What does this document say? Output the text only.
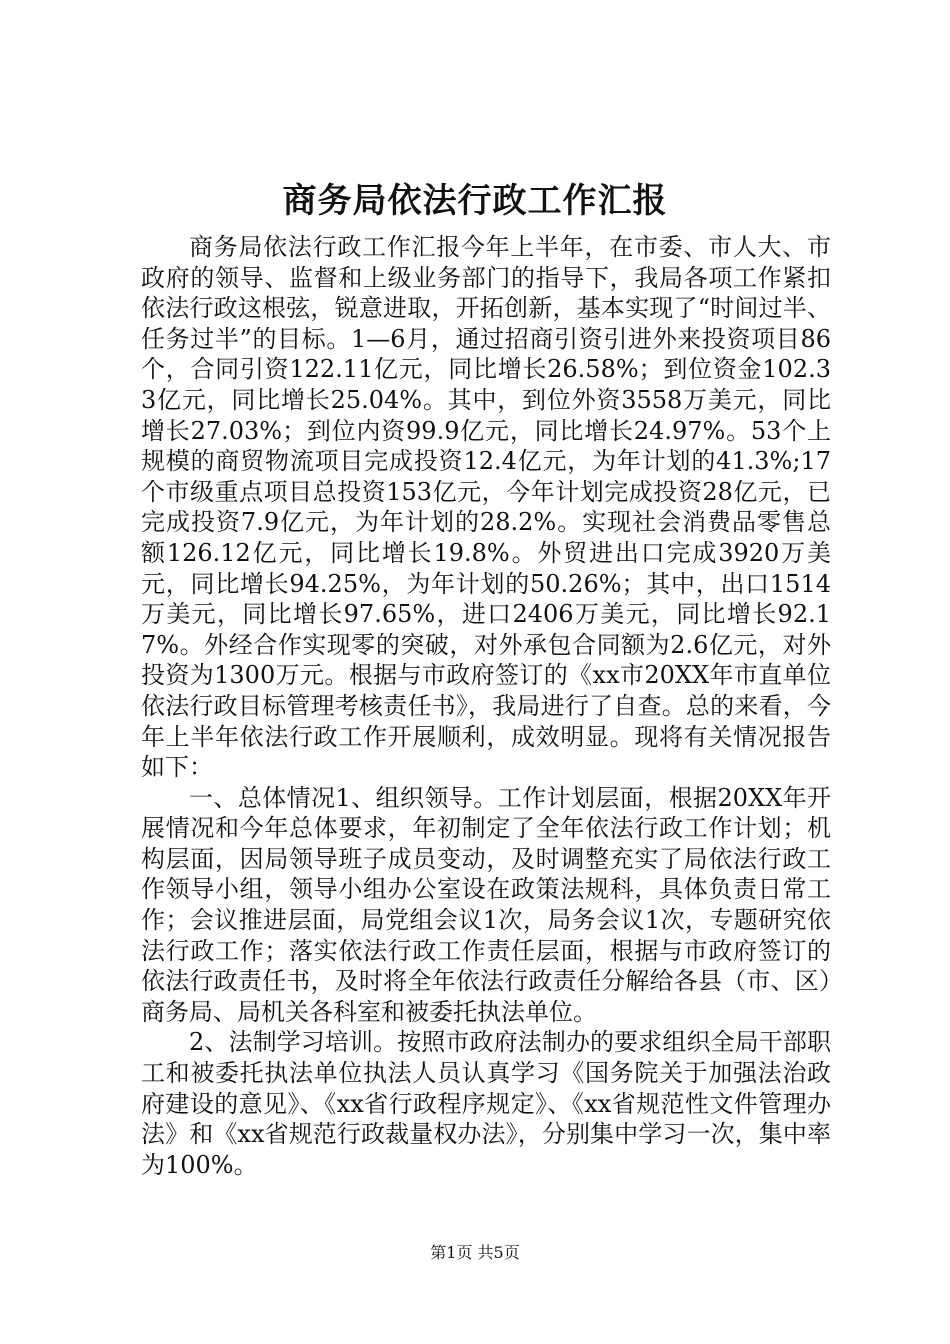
商务局依法行政工作汇报

商务局依法行政工作汇报今年上半年，在市委、市人大、市政府的领导、监督和上级业务部门的指导下，我局各项工作紧扣依法行政这根弦，锐意进取，开拓创新，基本实现了“时间过半、任务过半”的目标。1—6月，通过招商引资引进外来投资项目86个，合同引资122.11亿元，同比增长26.58%；到位资金102.33亿元，同比增长25.04%。其中，到位外资3558万美元，同比增长27.03%；到位内资99.9亿元，同比增长24.97%。53个上规模的商贸物流项目完成投资12.4亿元，为年计划的41.3%;17个市级重点项目总投资153亿元，今年计划完成投资28亿元，已完成投资7.9亿元，为年计划的28.2%。实现社会消费品零售总额126.12亿元，同比增长19.8%。外贸进出口完成3920万美元，同比增长94.25%，为年计划的50.26%；其中，出口1514万美元，同比增长97.65%，进口2406万美元，同比增长92.17%。外经合作实现零的突破，对外承包合同额为2.6亿元，对外投资为1300万元。根据与市政府签订的《xx市20XX年市直单位依法行政目标管理考核责任书》，我局进行了自查。总的来看，今年上半年依法行政工作开展顺利，成效明显。现将有关情况报告如下：

一、总体情况1、组织领导。工作计划层面，根据20XX年开展情况和今年总体要求，年初制定了全年依法行政工作计划；机构层面，因局领导班子成员变动，及时调整充实了局依法行政工作领导小组，领导小组办公室设在政策法规科，具体负责日常工作；会议推进层面，局党组会议1次，局务会议1次，专题研究依法行政工作；落实依法行政工作责任层面，根据与市政府签订的依法行政责任书，及时将全年依法行政责任分解给各县（市、区）商务局、局机关各科室和被委托执法单位。

2、法制学习培训。按照市政府法制办的要求组织全局干部职工和被委托执法单位执法人员认真学习《国务院关于加强法治政府建设的意见》、《xx省行政程序规定》、《xx省规范性文件管理办法》和《xx省规范行政裁量权办法》，分别集中学习一次，集中率为100%。

第1页 共5页
